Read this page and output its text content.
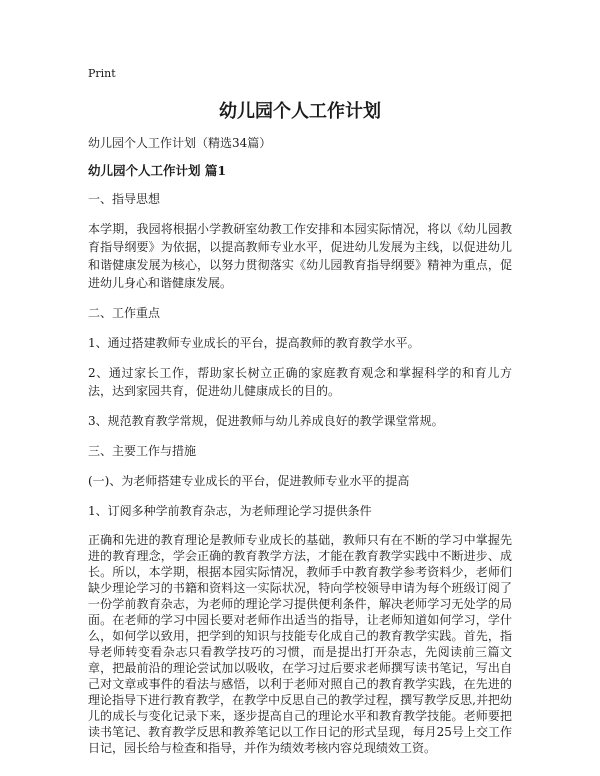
Print
幼儿园个人工作计划

幼儿园个人工作计划（精选34篇）

幼儿园个人工作计划 篇1

一、指导思想

本学期，我园将根据小学教研室幼教工作安排和本园实际情况，将以《幼儿园教育指导纲要》为依据，以提高教师专业水平，促进幼儿发展为主线，以促进幼儿和谐健康发展为核心，以努力贯彻落实《幼儿园教育指导纲要》精神为重点，促进幼儿身心和谐健康发展。

二、工作重点

1、通过搭建教师专业成长的平台，提高教师的教育教学水平。

2、通过家长工作，帮助家长树立正确的家庭教育观念和掌握科学的和育儿方法，达到家园共育，促进幼儿健康成长的目的。

3、规范教育教学常规，促进教师与幼儿养成良好的教学课堂常规。

三、主要工作与措施

(一)、为老师搭建专业成长的平台，促进教师专业水平的提高

1、订阅多种学前教育杂志，为老师理论学习提供条件

正确和先进的教育理论是教师专业成长的基础，教师只有在不断的学习中掌握先进的教育理念，学会正确的教育教学方法，才能在教育教学实践中不断进步、成长。所以，本学期，根据本园实际情况，教师手中教育教学参考资料少，老师们缺少理论学习的书籍和资料这一实际状况，特向学校领导申请为每个班级订阅了一份学前教育杂志，为老师的理论学习提供便利条件，解决老师学习无处学的局面。在老师的学习中园长要对老师作出适当的指导，让老师知道如何学习，学什么，如何学以致用，把学到的知识与技能专化成自己的教育教学实践。首先，指导老师转变看杂志只看教学技巧的习惯，而是提出打开杂志，先阅读前三篇文章，把最前沿的理论尝试加以吸收，在学习过后要求老师撰写读书笔记，写出自己对文章或事件的看法与感悟，以利于老师对照自己的教育教学实践，在先进的理论指导下进行教育教学，在教学中反思自己的教学过程，撰写教学反思,并把幼儿的成长与变化记录下来，逐步提高自己的理论水平和教育教学技能。老师要把读书笔记、教育教学反思和教养笔记以工作日记的形式呈现，每月25号上交工作日记，园长给与检查和指导，并作为绩效考核内容兑现绩效工资。
